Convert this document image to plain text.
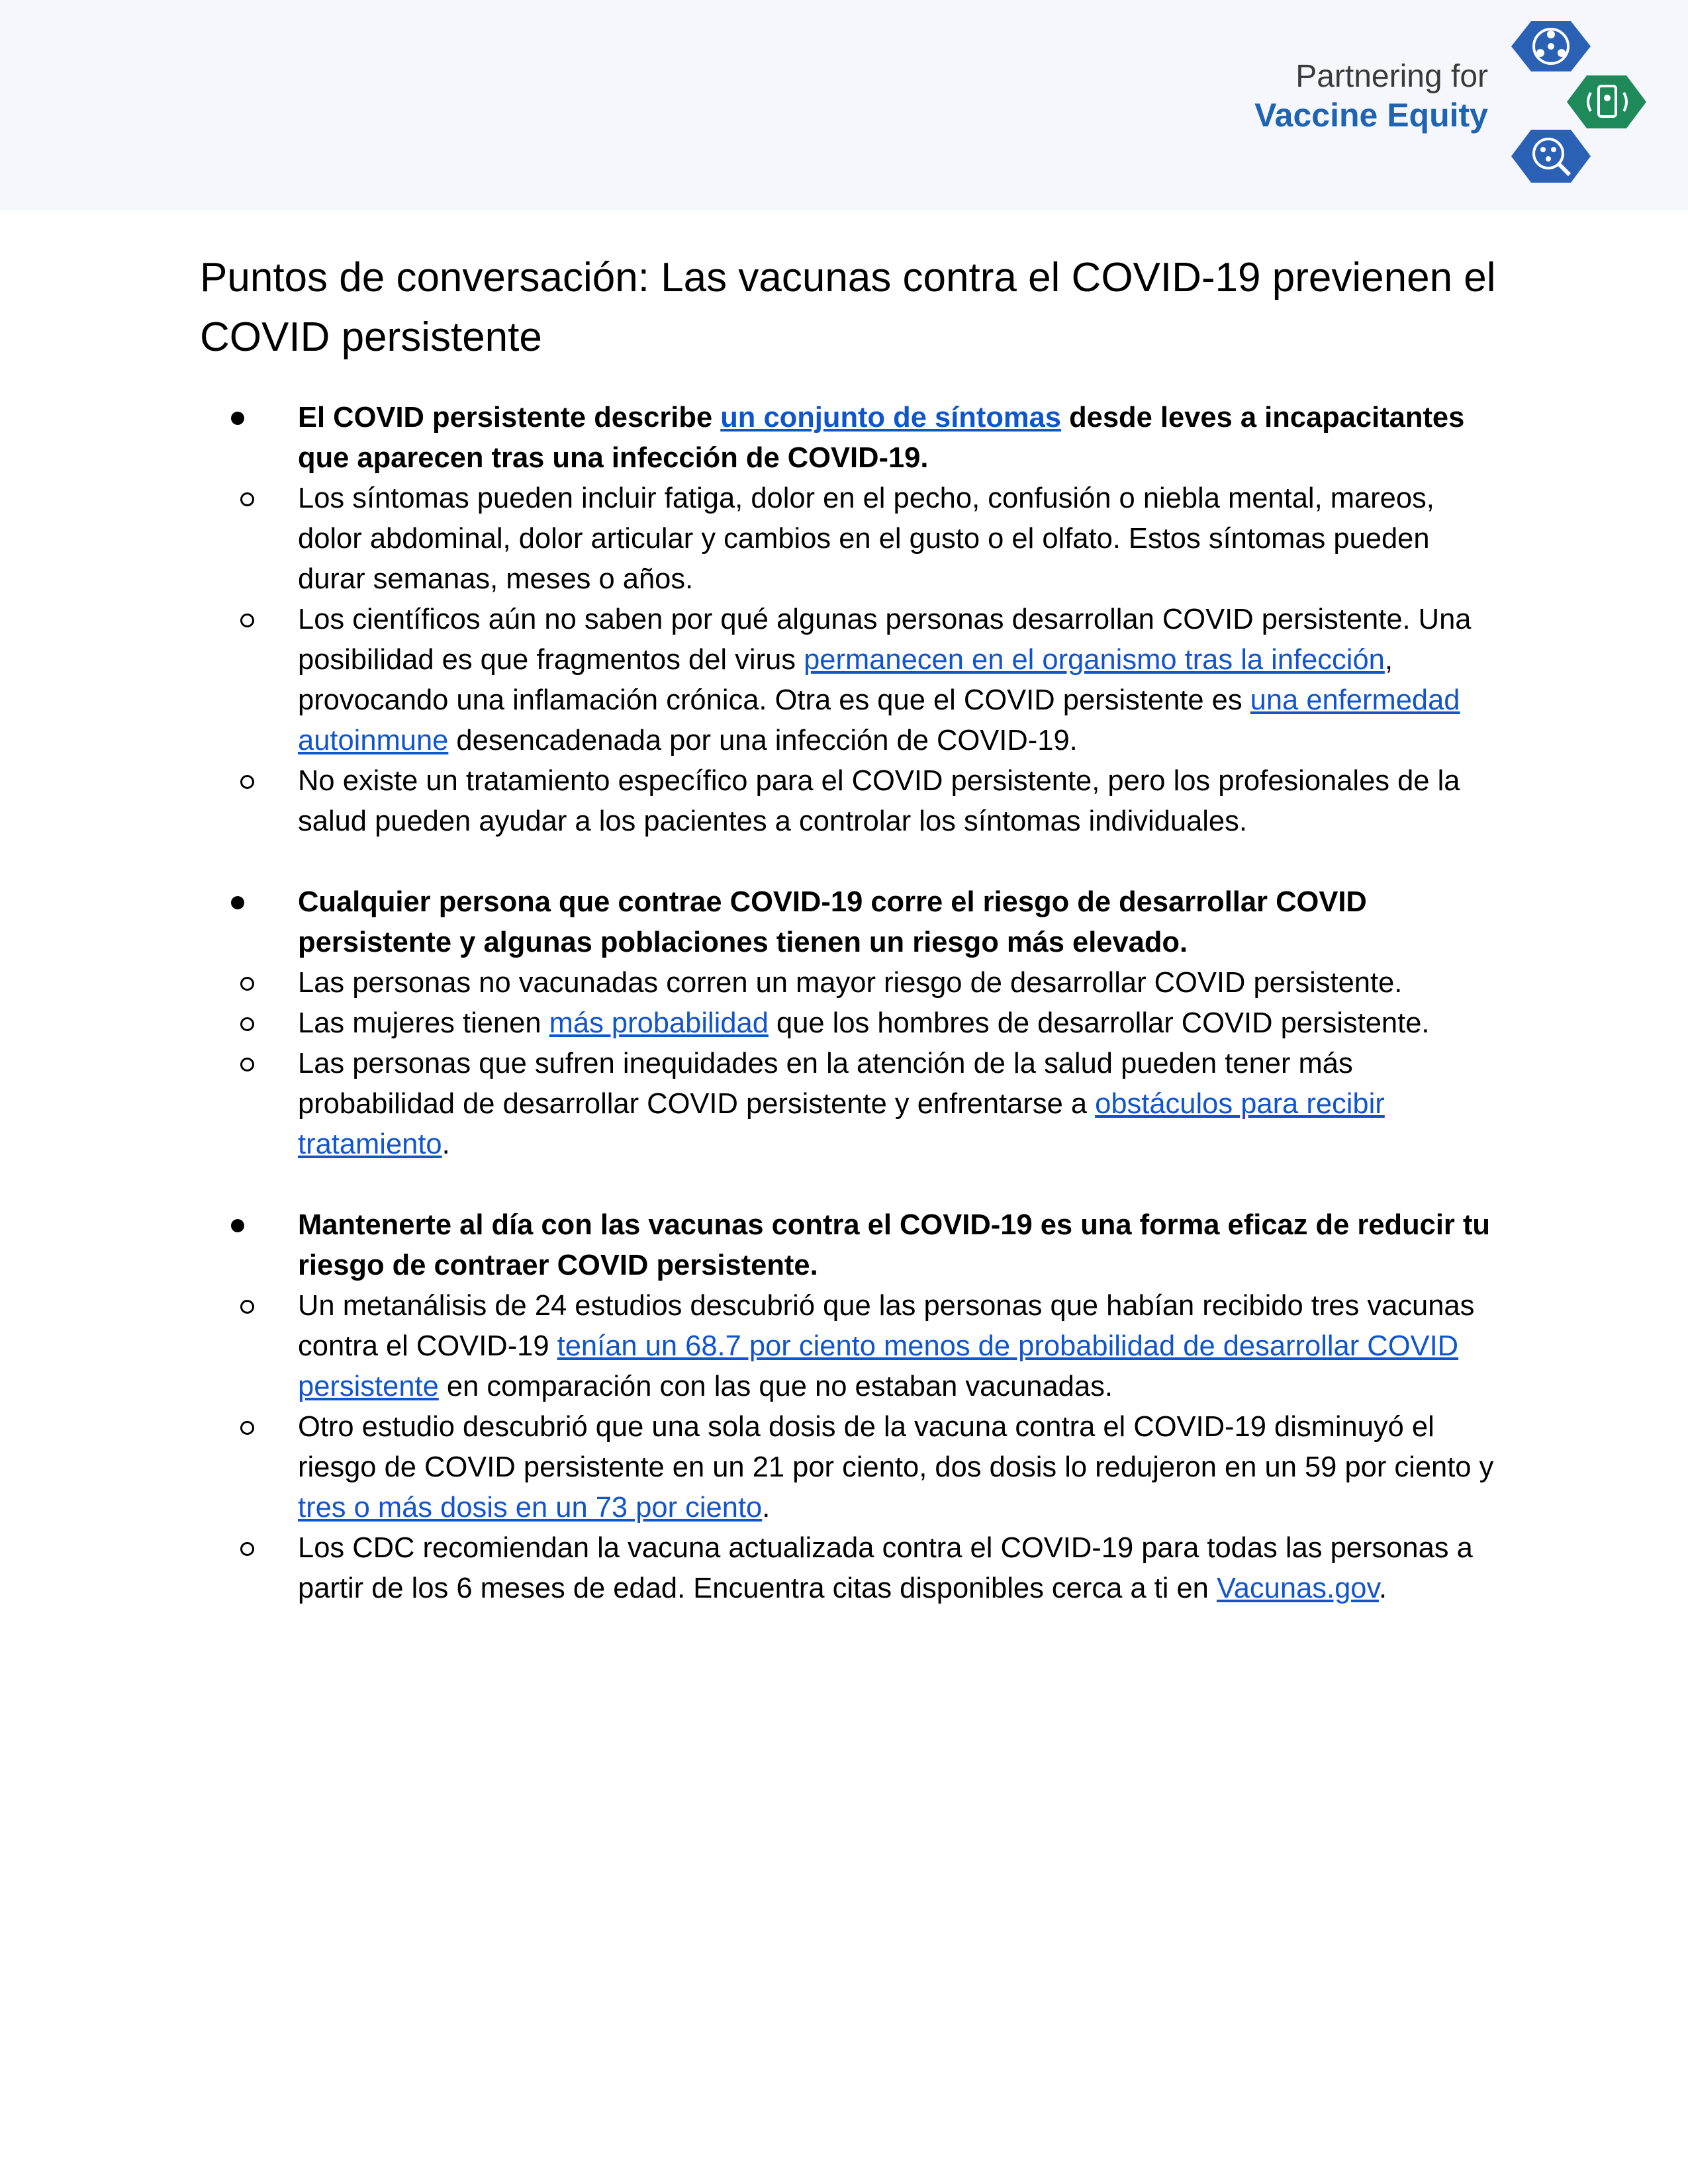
Partnering for
Vaccine Equity
Puntos de conversación: Las vacunas contra el COVID-19 previenen el COVID persistente
El COVID persistente describe un conjunto de síntomas desde leves a incapacitantes que aparecen tras una infección de COVID-19.
Los síntomas pueden incluir fatiga, dolor en el pecho, confusión o niebla mental, mareos, dolor abdominal, dolor articular y cambios en el gusto o el olfato. Estos síntomas pueden durar semanas, meses o años.
Los científicos aún no saben por qué algunas personas desarrollan COVID persistente. Una posibilidad es que fragmentos del virus permanecen en el organismo tras la infección, provocando una inflamación crónica. Otra es que el COVID persistente es una enfermedad autoinmune desencadenada por una infección de COVID-19.
No existe un tratamiento específico para el COVID persistente, pero los profesionales de la salud pueden ayudar a los pacientes a controlar los síntomas individuales.
Cualquier persona que contrae COVID-19 corre el riesgo de desarrollar COVID persistente y algunas poblaciones tienen un riesgo más elevado.
Las personas no vacunadas corren un mayor riesgo de desarrollar COVID persistente.
Las mujeres tienen más probabilidad que los hombres de desarrollar COVID persistente.
Las personas que sufren inequidades en la atención de la salud pueden tener más probabilidad de desarrollar COVID persistente y enfrentarse a obstáculos para recibir tratamiento.
Mantenerte al día con las vacunas contra el COVID-19 es una forma eficaz de reducir tu riesgo de contraer COVID persistente.
Un metanálisis de 24 estudios descubrió que las personas que habían recibido tres vacunas contra el COVID-19 tenían un 68.7 por ciento menos de probabilidad de desarrollar COVID persistente en comparación con las que no estaban vacunadas.
Otro estudio descubrió que una sola dosis de la vacuna contra el COVID-19 disminuyó el riesgo de COVID persistente en un 21 por ciento, dos dosis lo redujeron en un 59 por ciento y tres o más dosis en un 73 por ciento.
Los CDC recomiendan la vacuna actualizada contra el COVID-19 para todas las personas a partir de los 6 meses de edad. Encuentra citas disponibles cerca a ti en Vacunas.gov.
